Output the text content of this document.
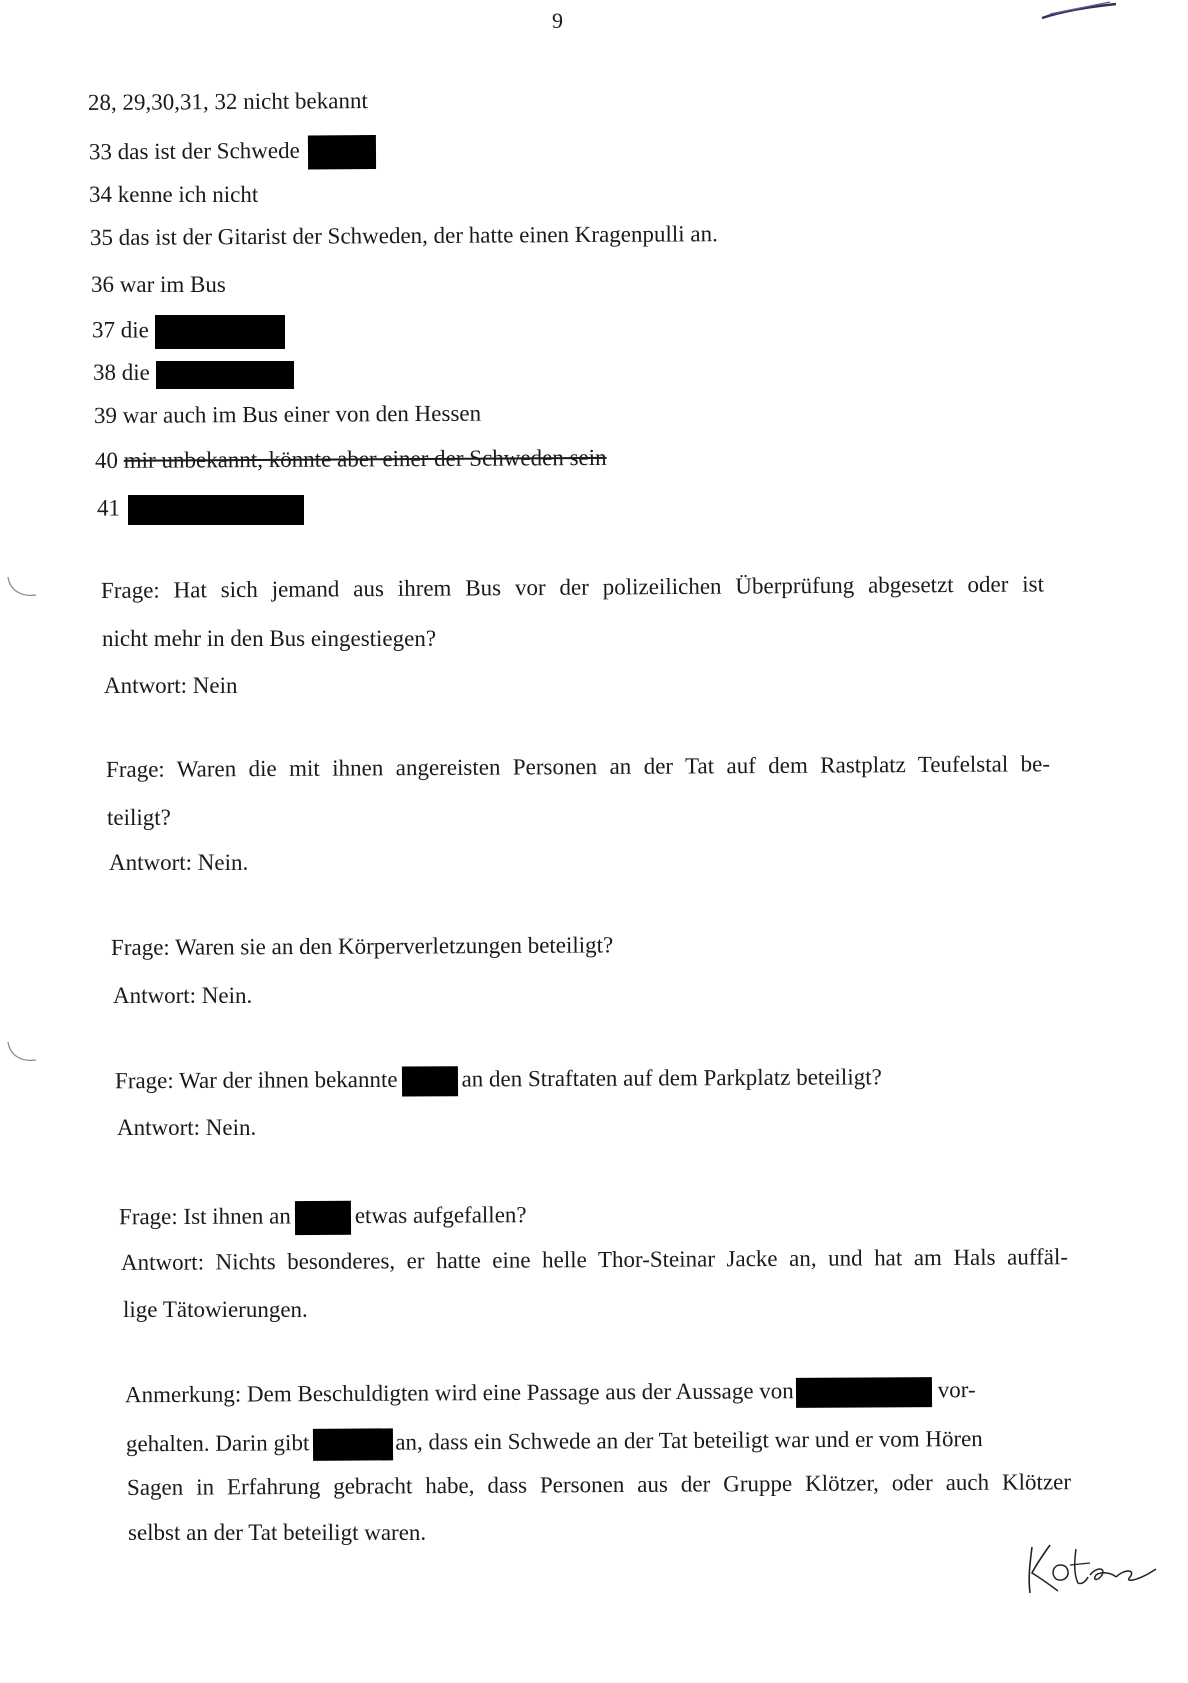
9
28, 29,30,31, 32 nicht bekannt
33 das ist der Schwede
34 kenne ich nicht
35 das ist der Gitarist der Schweden, der hatte einen Kragenpulli an.
36 war im Bus
37 die
38 die
39 war auch im Bus einer von den Hessen
40 mir unbekannt, könnte aber einer der Schweden sein
41
Frage: Hat sich jemand aus ihrem Bus vor der polizeilichen Überprüfung abgesetzt oder ist
nicht mehr in den Bus eingestiegen?
Antwort: Nein
Frage: Waren die mit ihnen angereisten Personen an der Tat auf dem Rastplatz Teufelstal be-
teiligt?
Antwort: Nein.
Frage: Waren sie an den Körperverletzungen beteiligt?
Antwort: Nein.
Frage: War der ihnen bekannte	an den Straftaten auf dem Parkplatz beteiligt?
Antwort: Nein.
Frage: Ist ihnen an	etwas aufgefallen?
Antwort: Nichts besonderes, er hatte eine helle Thor-Steinar Jacke an, und hat am Hals auffäl-
lige Tätowierungen.
Anmerkung: Dem Beschuldigten wird eine Passage aus der Aussage von	vor-
gehalten. Darin gibt	an, dass ein Schwede an der Tat beteiligt war und er vom Hören
Sagen in Erfahrung gebracht habe, dass Personen aus der Gruppe Klötzer, oder auch Klötzer
selbst an der Tat beteiligt waren.
